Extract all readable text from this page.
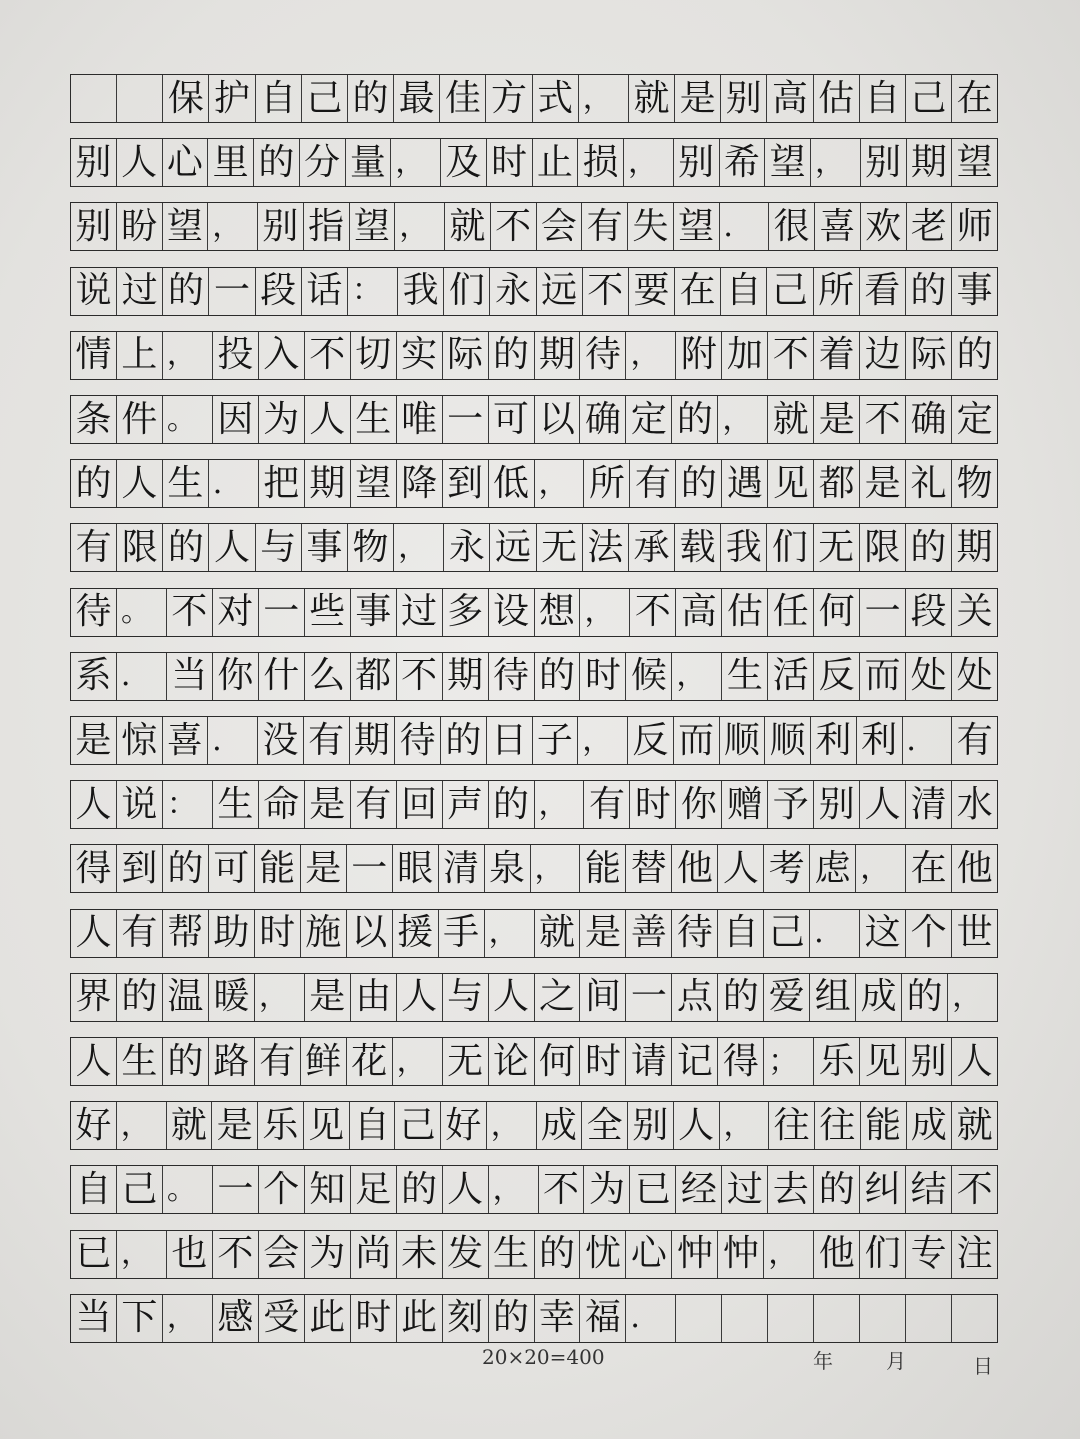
保 护 自 己 的 最 佳 方 式 ， 就 是 别 高 估 自 己 在
别 人 心 里 的 分 量 ， 及 时 止 损 ， 别 希 望 ， 别 期 望
别 盼 望 ， 别 指 望 ， 就 不 会 有 失 望 ． 很 喜 欢 老 师
说 过 的 一 段 话 ： 我 们 永 远 不 要 在 自 己 所 看 的 事
情 上 ， 投 入 不 切 实 际 的 期 待 ， 附 加 不 着 边 际 的
条 件 。 因 为 人 生 唯 一 可 以 确 定 的 ， 就 是 不 确 定
的 人 生 ． 把 期 望 降 到 低 ， 所 有 的 遇 见 都 是 礼 物
有 限 的 人 与 事 物 ， 永 远 无 法 承 载 我 们 无 限 的 期
待 。 不 对 一 些 事 过 多 设 想 ， 不 高 估 任 何 一 段 关
系 ． 当 你 什 么 都 不 期 待 的 时 候 ， 生 活 反 而 处 处
是 惊 喜 ． 没 有 期 待 的 日 子 ， 反 而 顺 顺 利 利 ． 有
人 说 ： 生 命 是 有 回 声 的 ， 有 时 你 赠 予 别 人 清 水
得 到 的 可 能 是 一 眼 清 泉 ， 能 替 他 人 考 虑 ， 在 他
人 有 帮 助 时 施 以 援 手 ， 就 是 善 待 自 己 ． 这 个 世
界 的 温 暖 ， 是 由 人 与 人 之 间 一 点 的 爱 组 成 的 ，
人 生 的 路 有 鲜 花 ， 无 论 何 时 请 记 得 ； 乐 见 别 人
好 ， 就 是 乐 见 自 己 好 ， 成 全 别 人 ， 往 往 能 成 就
自 己 。 一 个 知 足 的 人 ， 不 为 已 经 过 去 的 纠 结 不
已 ， 也 不 会 为 尚 未 发 生 的 忧 心 忡 忡 ， 他 们 专 注
当 下 ， 感 受 此 时 此 刻 的 幸 福 ．
20×20=400	年	月	日
